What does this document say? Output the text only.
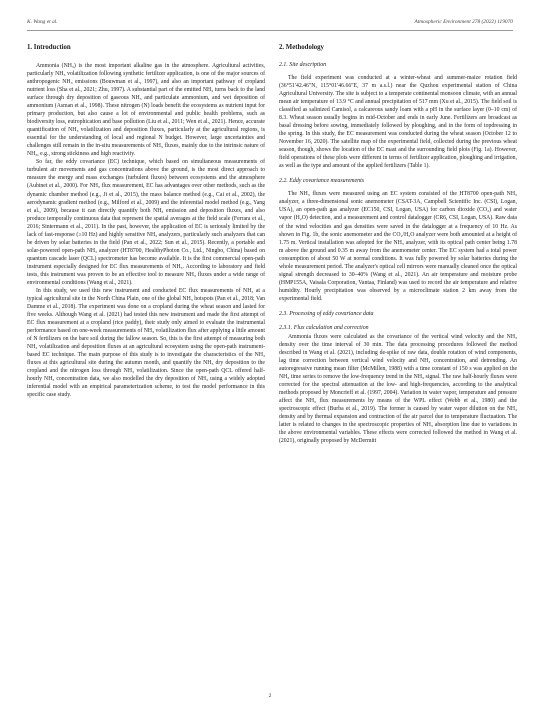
K. Wang et al.	Atmospheric Environment 278 (2022) 119070
1. Introduction

Ammonia (NH₃) is the most important alkaline gas in the atmosphere. Agricultural activities, particularly NH₃ volatilization following synthetic fertilizer application, is one of the major sources of anthropogenic NH₃ emissions (Bouwman et al., 1997), and also an important pathway of cropland nutrient loss (Sha et al., 2021; Zhu, 1997). A substantial part of the emitted NH₃ turns back to the land surface through dry deposition of gaseous NH₃ and particulate ammonium, and wet deposition of ammonium (Asman et al., 1998). These nitrogen (N) loads benefit the ecosystems as nutrient input for primary production, but also cause a lot of environmental and public health problems, such as biodiversity loss, eutrophication and base pollution (Liu et al., 2011; Wen et al., 2021). Hence, accurate quantification of NH₃ volatilization and deposition fluxes, particularly at the agricultural regions, is essential for the understanding of local and regional N budget. However, large uncertainties and challenges still remain in the in-situ measurements of NH₃ fluxes, mainly due to the intrinsic nature of NH₃, e.g., strong stickiness and high reactivity.

So far, the eddy covariance (EC) technique, which based on simultaneous measurements of turbulent air movements and gas concentrations above the ground, is the most direct approach to measure the energy and mass exchanges (turbulent fluxes) between ecosystems and the atmosphere (Aubinet et al., 2000). For NH₃ flux measurement, EC has advantages over other methods, such as the dynamic chamber method (e.g., Ji et al., 2015), the mass balance method (e.g., Cai et al., 2002), the aerodynamic gradient method (e.g., Milford et al., 2009) and the inferential model method (e.g., Yang et al., 2009), because it can directly quantify both NH₃ emission and deposition fluxes, and also produce temporally continuous data that represent the spatial averages at the field scale (Ferrara et al., 2016; Sintermann et al., 2011). In the past, however, the application of EC is seriously limited by the lack of fast-response (≥10 Hz) and highly sensitive NH₃ analyzers, particularly such analyzers that can be driven by solar batteries in the field (Pan et al., 2022; Sun et al., 2015). Recently, a portable and solar-powered open-path NH₃ analyzer (HT8700, HealthyPhoton Co., Ltd., Ningbo, China) based on quantum cascade laser (QCL) spectrometer has become available. It is the first commercial open-path instrument especially designed for EC flux measurements of NH₃. According to laboratory and field tests, this instrument was proven to be an effective tool to measure NH₃ fluxes under a wide range of environmental conditions (Wang et al., 2021).

In this study, we used this new instrument and conducted EC flux measurements of NH₃ at a typical agricultural site in the North China Plain, one of the global NH₃ hotspots (Pan et al., 2018; Van Damme et al., 2018). The experiment was done on a cropland during the wheat season and lasted for five weeks. Although Wang et al. (2021) had tested this new instrument and made the first attempt of EC flux measurement at a cropland (rice paddy), their study only aimed to evaluate the instrumental performance based on one-week measurements of NH₃ volatilization flux after applying a little amount of N fertilizers on the bare soil during the fallow season. So, this is the first attempt of measuring both NH₃ volatilization and deposition fluxes at an agricultural ecosystem using the open-path instrument-based EC technique. The main purpose of this study is to investigate the characteristics of the NH₃ fluxes at this agricultural site during the autumn month, and quantify the NH₃ dry deposition to the cropland and the nitrogen loss through NH₃ volatilization. Since the open-path QCL offered half-hourly NH₃ concentration data, we also modelled the dry deposition of NH₃ using a widely adopted inferential model with an empirical parameterization scheme, to test the model performance in this specific case study.

2. Methodology
2.1. Site description

The field experiment was conducted at a winter-wheat and summer-maize rotation field (36°51′42.46″N, 115°01′46.66″E, 37 m a.s.l.) near the Quzhou experimental station of China Agricultural University. The site is subject to a temperate continental monsoon climate, with an annual mean air temperature of 13.9 °C and annual precipitation of 517 mm (Xu et al., 2015). The field soil is classified as salinized Camisol, a calcareous sandy loam with a pH in the surface layer (0–10 cm) of 8.3. Wheat season usually begins in mid-October and ends in early June. Fertilizers are broadcast as basal dressing before sowing, immediately followed by ploughing, and in the form of topdressing in the spring. In this study, the EC measurement was conducted during the wheat season (October 12 to November 16, 2020). The satellite map of the experimental field, collected during the previous wheat season, though, shows the location of the EC mast and the surrounding field plots (Fig. 1a). However, field operations of these plots were different in terms of fertilizer application, ploughing and irrigation, as well as the type and amount of the applied fertilizers (Table 1).

2.2. Eddy covariance measurements

The NH₃ fluxes were measured using an EC system consisted of the HT8700 open-path NH₃ analyzer, a three-dimensional sonic anemometer (CSAT-3A, Campbell Scientific Inc. (CSI), Logan, USA), an open-path gas analyzer (EC150, CSI, Logan, USA) for carbon dioxide (CO₂) and water vapor (H₂O) detection, and a measurement and control datalogger (CR6, CSI, Logan, USA). Raw data of the wind velocities and gas densities were saved in the datalogger at a frequency of 10 Hz. As shown in Fig. 1b, the sonic anemometer and the CO₂/H₂O analyzer were both amounted at a height of 1.75 m. Vertical installation was adopted for the NH₃ analyzer, with its optical path center being 1.78 m above the ground and 0.35 m away from the anemometer center. The EC system had a total power consumption of about 50 W at normal conditions. It was fully powered by solar batteries during the whole measurement period. The analyzer's optical cell mirrors were manually cleaned once the optical signal strength decreased to 30–40% (Wang et al., 2021). An air temperature and moisture probe (HMP155A, Vaisala Corporation, Vantaa, Finland) was used to record the air temperature and relative humidity. Hourly precipitation was observed by a microclimate station 2 km away from the experimental field.

2.3. Processing of eddy covariance data
2.3.1. Flux calculation and correction

Ammonia fluxes were calculated as the covariance of the vertical wind velocity and the NH₃ density over the time interval of 30 min. The data processing procedures followed the method described in Wang et al. (2021), including de-spike of raw data, double rotation of wind components, lag time correction between vertical wind velocity and NH₃ concentration, and detrending. An autoregressive running mean filter (McMillen, 1988) with a time constant of 150 s was applied on the NH₃ time series to remove the low-frequency trend in the NH₃ signal. The raw half-hourly fluxes were corrected for the spectral attenuation at the low- and high-frequencies, according to the analytical methods proposed by Moncrieff et al. (1997, 2004). Variation in water vapor, temperature and pressure affect the NH₃ flux measurements by means of the WPL effect (Webb et al., 1980) and the spectroscopic effect (Burba et al., 2019). The former is caused by water vapor dilution on the NH₃ density and by thermal expansion and contraction of the air parcel due to temperature fluctuation. The latter is related to changes in the spectroscopic properties of NH₃ absorption line due to variations in the above environmental variables. These effects were corrected followed the method in Wang et al. (2021), originally proposed by McDermitt

2
